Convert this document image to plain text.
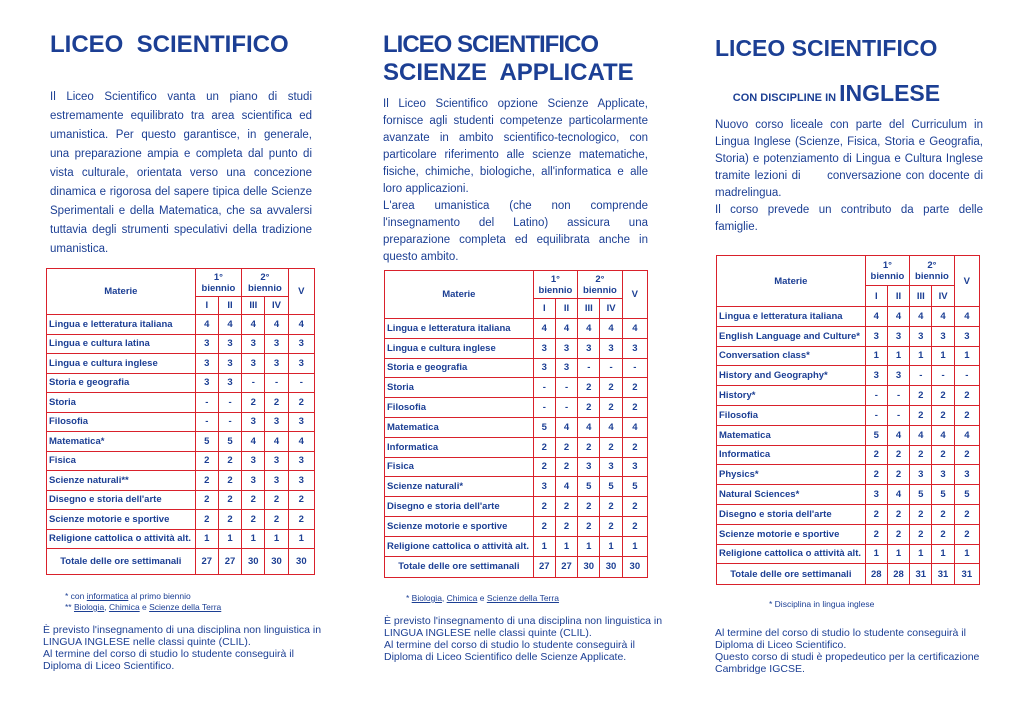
LICEO  SCIENTIFICO
Il Liceo Scientifico vanta un piano di studi estremamente equilibrato tra area scientifica ed umanistica. Per questo garantisce, in generale, una preparazione ampia e completa dal punto di vista culturale, orientata verso una concezione dinamica e rigorosa del sapere tipica delle Scienze Sperimentali e della Matematica, che sa avvalersi tuttavia degli strumenti speculativi della tradizione umanistica.
Materie	1°
biennio		2°
biennio		V
	I	II	III	IV	
Lingua e letteratura italiana	4	4	4	4	4
Lingua e cultura latina	3	3	3	3	3
Lingua e cultura inglese	3	3	3	3	3
Storia e geografia	3	3	-	-	-
Storia	-	-	2	2	2
Filosofia	-	-	3	3	3
Matematica*	5	5	4	4	4
Fisica	2	2	3	3	3
Scienze naturali**	2	2	3	3	3
Disegno e storia dell'arte	2	2	2	2	2
Scienze motorie e sportive	2	2	2	2	2
Religione cattolica o attività alt.	1	1	1	1	1
Totale delle ore settimanali	27	27	30	30	30
* con informatica al primo biennio
** Biologia, Chimica e Scienze della Terra
È previsto l'insegnamento di una disciplina non linguistica in LINGUA INGLESE nelle classi quinte (CLIL).
Al termine del corso di studio lo studente conseguirà il Diploma di Liceo Scientifico.
LICEO SCIENTIFICO
SCIENZE  APPLICATE
Il Liceo Scientifico opzione Scienze Applicate, fornisce agli studenti competenze particolarmente avanzate in ambito scientifico-tecnologico, con particolare riferimento alle scienze matematiche, fisiche, chimiche, biologiche, all'informatica e alle loro applicazioni.
L'area umanistica (che non comprende l'insegnamento del Latino) assicura una preparazione completa ed equilibrata anche in questo ambito.
Materie	1°
biennio		2°
biennio		V
	I	II	III	IV	
Lingua e letteratura italiana	4	4	4	4	4
Lingua e cultura inglese	3	3	3	3	3
Storia e geografia	3	3	-	-	-
Storia	-	-	2	2	2
Filosofia	-	-	2	2	2
Matematica	5	4	4	4	4
Informatica	2	2	2	2	2
Fisica	2	2	3	3	3
Scienze naturali*	3	4	5	5	5
Disegno e storia dell'arte	2	2	2	2	2
Scienze motorie e sportive	2	2	2	2	2
Religione cattolica o attività alt.	1	1	1	1	1
Totale delle ore settimanali	27	27	30	30	30
* Biologia, Chimica e Scienze della Terra
È previsto l'insegnamento di una disciplina non linguistica in LINGUA INGLESE nelle classi quinte (CLIL).
Al termine del corso di studio lo studente conseguirà il Diploma di Liceo Scientifico delle Scienze Applicate.
LICEO SCIENTIFICO

CON DISCIPLINE IN INGLESE

Nuovo corso liceale con parte del Curriculum in Lingua Inglese (Scienze, Fisica, Storia e Geografia, Storia) e potenziamento di Lingua e Cultura Inglese tramite lezioni di      conversazione con docente di madrelingua.
Il corso prevede un contributo da parte delle famiglie.
Materie	1°
biennio		2°
biennio		V
	I	II	III	IV	
Lingua e letteratura italiana	4	4	4	4	4
English Language and Culture*	3	3	3	3	3
Conversation class*	1	1	1	1	1
History and Geography*	3	3	-	-	-
History*	-	-	2	2	2
Filosofia	-	-	2	2	2
Matematica	5	4	4	4	4
Informatica	2	2	2	2	2
Physics*	2	2	3	3	3
Natural Sciences*	3	4	5	5	5
Disegno e storia dell'arte	2	2	2	2	2
Scienze motorie e sportive	2	2	2	2	2
Religione cattolica o attività alt.	1	1	1	1	1
Totale delle ore settimanali	28	28	31	31	31
* Disciplina in lingua inglese
Al termine del corso di studio lo studente conseguirà il Diploma di Liceo Scientifico.
Questo corso di studi è propedeutico per la certificazione Cambridge IGCSE.
